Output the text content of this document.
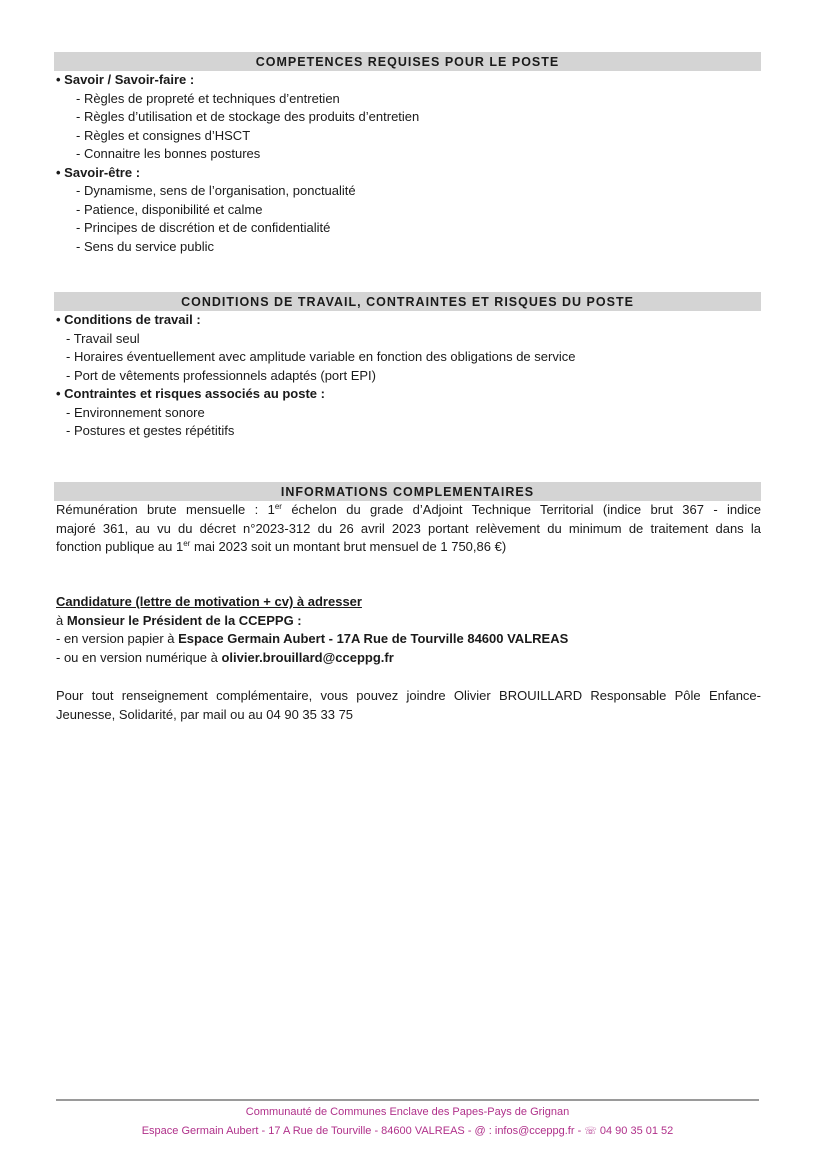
COMPETENCES REQUISES POUR LE POSTE
• Savoir / Savoir-faire :
- Règles de propreté et techniques d’entretien
- Règles d’utilisation et de stockage des produits d’entretien
- Règles et consignes d’HSCT
- Connaitre les bonnes postures
• Savoir-être :
- Dynamisme, sens de l’organisation, ponctualité
- Patience, disponibilité et calme
- Principes de discrétion et de confidentialité
- Sens du service public
CONDITIONS DE TRAVAIL, CONTRAINTES ET RISQUES DU POSTE
• Conditions de travail :
- Travail seul
- Horaires éventuellement avec amplitude variable en fonction des obligations de service
- Port de vêtements professionnels adaptés (port EPI)
• Contraintes et risques associés au poste :
- Environnement sonore
- Postures et gestes répétitifs
INFORMATIONS COMPLEMENTAIRES
Rémunération brute mensuelle : 1er échelon du grade d’Adjoint Technique Territorial (indice brut 367 - indice
majoré 361, au vu du décret n°2023-312 du 26 avril 2023 portant relèvement du minimum de traitement dans la
fonction publique au 1er mai 2023 soit un montant brut mensuel de 1 750,86 €)
Candidature (lettre de motivation + cv) à adresser
à Monsieur le Président de la CCEPPG :
- en version papier à Espace Germain Aubert - 17A Rue de Tourville 84600 VALREAS
- ou en version numérique à olivier.brouillard@cceppg.fr
Pour tout renseignement complémentaire, vous pouvez joindre Olivier BROUILLARD Responsable Pôle Enfance-
Jeunesse, Solidarité, par mail ou au 04 90 35 33 75
Communauté de Communes Enclave des Papes-Pays de Grignan
Espace Germain Aubert - 17 A Rue de Tourville - 84600 VALREAS - @ : infos@cceppg.fr - ☏ 04 90 35 01 52
